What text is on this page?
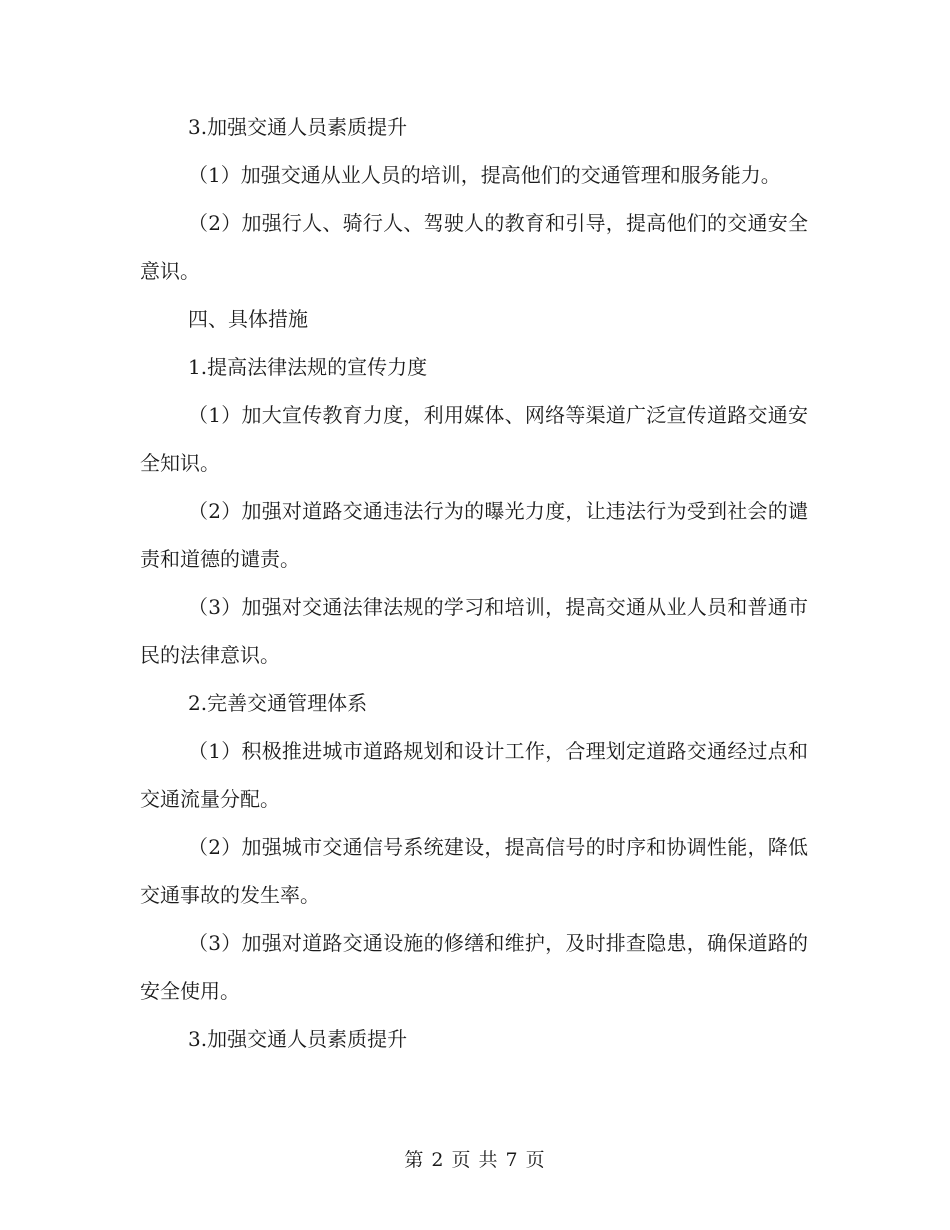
3.加强交通人员素质提升

（1）加强交通从业人员的培训，提高他们的交通管理和服务能力。

（2）加强行人、骑行人、驾驶人的教育和引导，提高他们的交通安全意识。

四、具体措施

1.提高法律法规的宣传力度

（1）加大宣传教育力度，利用媒体、网络等渠道广泛宣传道路交通安全知识。

（2）加强对道路交通违法行为的曝光力度，让违法行为受到社会的谴责和道德的谴责。

（3）加强对交通法律法规的学习和培训，提高交通从业人员和普通市民的法律意识。

2.完善交通管理体系

（1）积极推进城市道路规划和设计工作，合理划定道路交通经过点和交通流量分配。

（2）加强城市交通信号系统建设，提高信号的时序和协调性能，降低交通事故的发生率。

（3）加强对道路交通设施的修缮和维护，及时排查隐患，确保道路的安全使用。

3.加强交通人员素质提升

第 2 页 共 7 页
